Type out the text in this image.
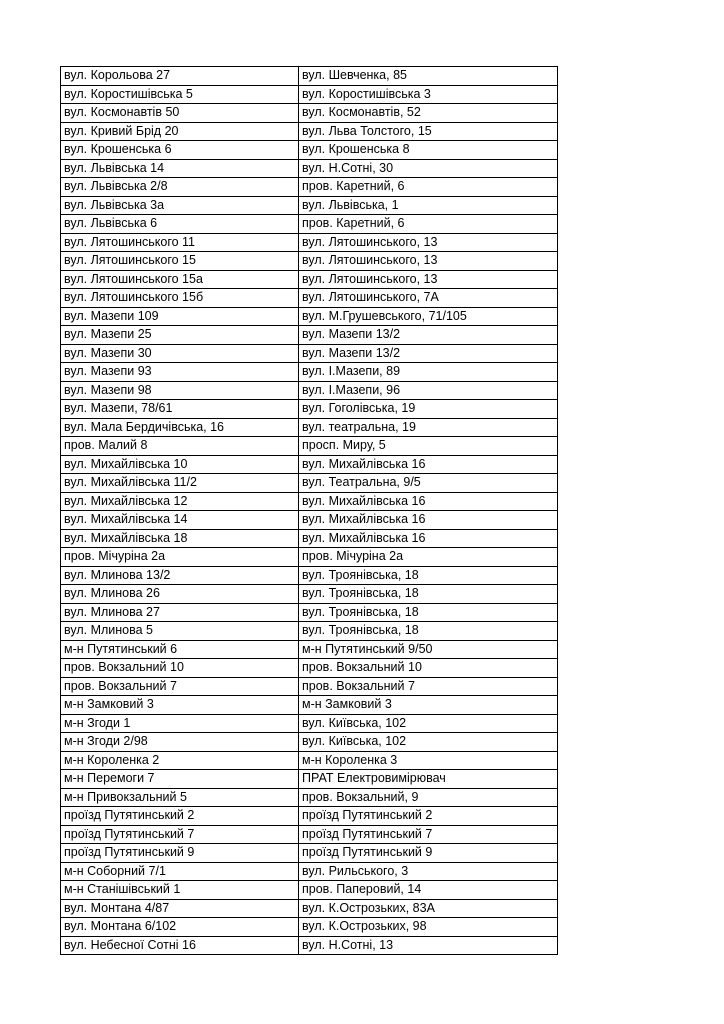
вул. Корольова 27	вул. Шевченка, 85
вул. Коростишівська 5	вул. Коростишівська 3
вул. Космонавтів 50	вул. Космонавтів, 52
вул. Кривий Брід 20	вул. Льва Толстого, 15
вул. Крошенська 6	вул. Крошенська 8
вул. Львівська 14	вул. Н.Сотні, 30
вул. Львівська 2/8	пров. Каретний, 6
вул. Львівська 3а	вул. Львівська, 1
вул. Львівська 6	пров. Каретний, 6
вул. Лятошинського 11	вул. Лятошинського, 13
вул. Лятошинського 15	вул. Лятошинського, 13
вул. Лятошинського 15а	вул. Лятошинського, 13
вул. Лятошинського 15б	вул. Лятошинського, 7А
вул. Мазепи 109	вул. М.Грушевського, 71/105
вул. Мазепи 25	вул. Мазепи 13/2
вул. Мазепи 30	вул. Мазепи 13/2
вул. Мазепи 93	вул. І.Мазепи, 89
вул. Мазепи 98	вул. І.Мазепи, 96
вул. Мазепи, 78/61	вул. Гоголівська, 19
вул. Мала Бердичівська, 16	вул. театральна, 19
пров. Малий 8	просп. Миру, 5
вул. Михайлівська 10	вул. Михайлівська 16
вул. Михайлівська 11/2	вул. Театральна, 9/5
вул. Михайлівська 12	вул. Михайлівська 16
вул. Михайлівська 14	вул. Михайлівська 16
вул. Михайлівська 18	вул. Михайлівська 16
пров. Мічуріна 2а	пров. Мічуріна 2а
вул. Млинова 13/2	вул. Троянівська, 18
вул. Млинова 26	вул. Троянівська, 18
вул. Млинова 27	вул. Троянівська, 18
вул. Млинова 5	вул. Троянівська, 18
м-н Путятинський 6	м-н Путятинський 9/50
пров. Вокзальний 10	пров. Вокзальний 10
пров. Вокзальний 7	пров. Вокзальний 7
м-н Замковий 3	м-н Замковий 3
м-н Згоди 1	вул. Київська, 102
м-н Згоди 2/98	вул. Київська, 102
м-н Короленка 2	м-н Короленка 3
м-н Перемоги 7	ПРАТ Електровимірювач
м-н Привокзальний 5	пров. Вокзальний, 9
проїзд Путятинський 2	проїзд Путятинський 2
проїзд Путятинський 7	проїзд Путятинський 7
проїзд Путятинський 9	проїзд Путятинський 9
м-н Соборний 7/1	вул. Рильського, 3
м-н Станішівський 1	пров. Паперовий, 14
вул. Монтана 4/87	вул. К.Острозьких, 83А
вул. Монтана 6/102	вул. К.Острозьких, 98
вул. Небесної Сотні 16	вул. Н.Сотні, 13
